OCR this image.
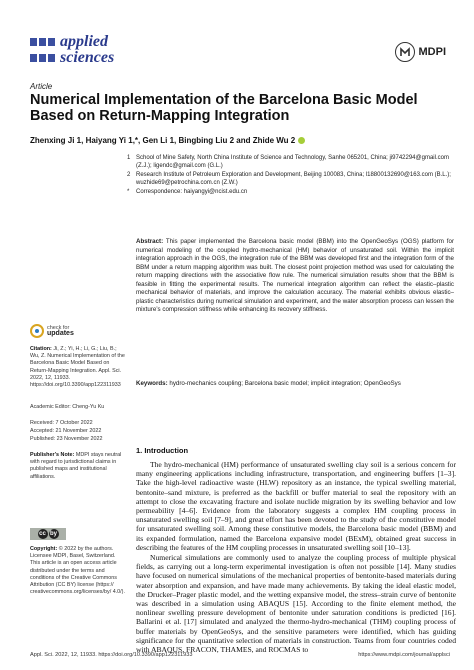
applied
sciences	MDPI
Article
Numerical Implementation of the Barcelona Basic Model Based on Return-Mapping Integration
Zhenxing Ji 1, Haiyang Yi 1,*, Gen Li 1, Bingbing Liu 2 and Zhide Wu 2
1 School of Mine Safety, North China Institute of Science and Technology, Sanhe 065201, China; ji9742294@gmail.com (Z.J.); ligendc@gmail.com (G.L.)
2 Research Institute of Petroleum Exploration and Development, Beijing 100083, China; l18800132690@163.com (B.L.); wuzhide69@petrochina.com.cn (Z.W.)
* Correspondence: haiyangyi@ncist.edu.cn
Abstract: This paper implemented the Barcelona basic model (BBM) into the OpenGeoSys (OGS) platform for numerical modeling of the coupled hydro-mechanical (HM) behavior of unsaturated soil. Within the implicit integration approach in the OGS, the integration rule of the BBM was developed first and the integration form of the BBM under a return mapping algorithm was built. The closest point projection method was used for calculating the return mapping directions with the associative flow rule. The numerical simulation results show that the BBM is feasible in fitting the experimental results. The numerical integration algorithm can reflect the elastic–plastic mechanical behavior of materials, and improve the calculation accuracy. The material exhibits obvious elastic–plastic characteristics during numerical simulation and experiment, and the water absorption process can lessen the mixture’s compression stiffness while enhancing its recovery stiffness.
Keywords: hydro-mechanics coupling; Barcelona basic model; implicit integration; OpenGeoSys
check for
updates
Citation: Ji, Z.; Yi, H.; Li, G.; Liu, B.; Wu, Z. Numerical Implementation of the Barcelona Basic Model Based on Return-Mapping Integration. Appl. Sci. 2022, 12, 11933. https://doi.org/10.3390/app122311933
Academic Editor: Cheng-Yu Ku
Received: 7 October 2022
Accepted: 21 November 2022
Published: 23 November 2022
Publisher’s Note: MDPI stays neutral with regard to jurisdictional claims in published maps and institutional affiliations.
cc by
Copyright: © 2022 by the authors. Licensee MDPI, Basel, Switzerland. This article is an open access article distributed under the terms and conditions of the Creative Commons Attribution (CC BY) license (https:// creativecommons.org/licenses/by/ 4.0/).
1. Introduction
The hydro-mechanical (HM) performance of unsaturated swelling clay soil is a serious concern for many engineering applications including infrastructure, transportation, and engineering buffers [1–3]. Take the high-level radioactive waste (HLW) repository as an instance, the typical swelling material, bentonite–sand mixture, is preferred as the backfill or buffer material to seal the repository with an attempt to close the excavating fracture and isolate nuclide migration by its swelling behavior and low permeability [4–6]. Evidence from the laboratory suggests a complex HM coupling process in unsaturated swelling soil [7–9], and great effort has been devoted to the study of the constitutive model for unsaturated swelling soil. Among these constitutive models, the Barcelona basic model (BBM) and its expanded formulation, named the Barcelona expansive model (BExM), obtained great success in describing the features of the HM coupling processes in unsaturated swelling soil [10–13].
Numerical simulations are commonly used to analyze the coupling process of multiple physical fields, as carrying out a long-term experimental investigation is often not possible [14]. Many studies have focused on numerical simulations of the mechanical properties of bentonite-based materials during water absorption and expansion, and have made many achievements. By taking the ideal elastic model, the Drucker–Prager plastic model, and the wetting expansive model, the stress–strain curve of bentonite was described in a simulation using ABAQUS [15]. According to the finite element method, the nonlinear swelling pressure development of bentonite under saturation conditions is predicted [16]. Ballarini et al. [17] simulated and analyzed the thermo-hydro-mechanical (THM) coupling process of buffer materials by OpenGeoSys, and the sensitive parameters were identified, which has guiding significance for the quantitative selection of materials in construction. Teams from four countries coded with ABAQUS, FRACON, THAMES, and ROCMAS to
Appl. Sci. 2022, 12, 11933. https://doi.org/10.3390/app122311933	https://www.mdpi.com/journal/applsci
